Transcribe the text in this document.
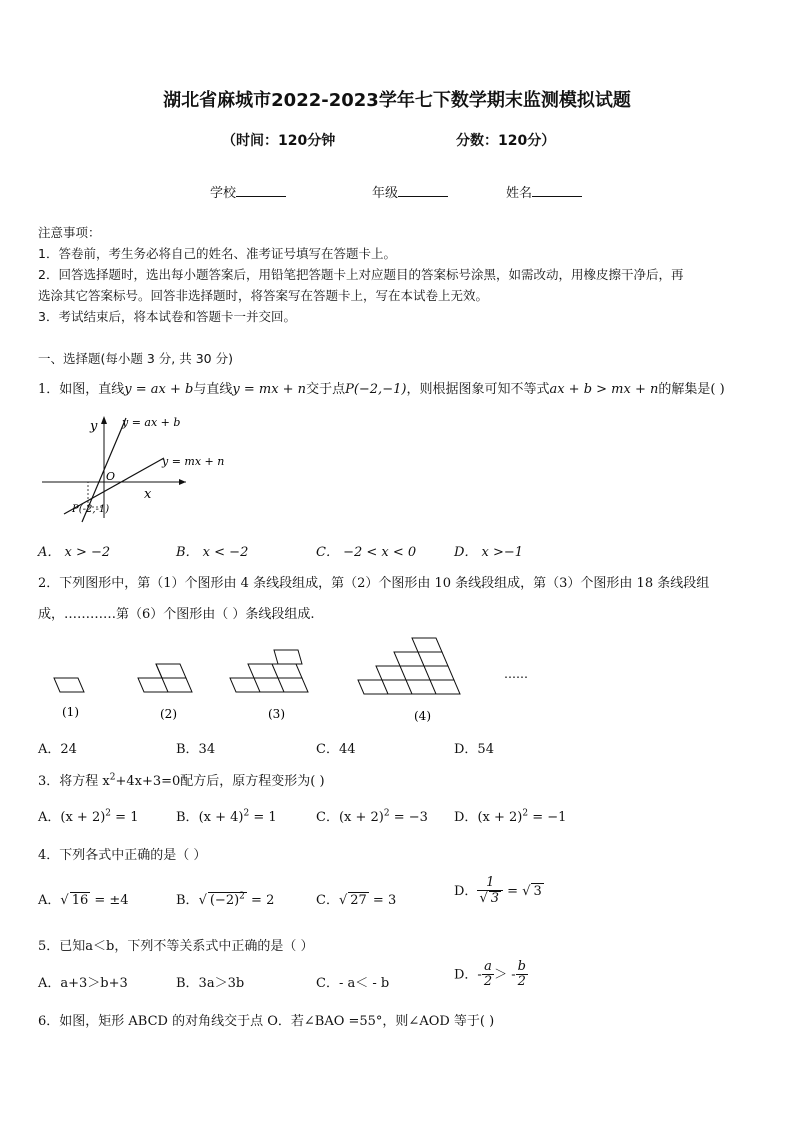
湖北省麻城市2022-2023学年七下数学期末监测模拟试题
（时间：120分钟	分数：120分）
学校	年级	姓名
注意事项：
1．答卷前，考生务必将自己的姓名、准考证号填写在答题卡上。
2．回答选择题时，选出每小题答案后，用铅笔把答题卡上对应题目的答案标号涂黑，如需改动，用橡皮擦干净后，再
选涂其它答案标号。回答非选择题时，将答案写在答题卡上，写在本试卷上无效。
3．考试结束后，将本试卷和答题卡一并交回。
一、选择题(每小题 3 分, 共 30 分)
1．如图，直线y = ax + b与直线y = mx + n交于点P(−2,−1)，则根据图象可知不等式ax + b > mx + n的解集是( )
y
x
O
y = ax + b
y = mx + n
P(-2,-1)
A． x > −2	B． x < −2	C． −2 < x < 0	D． x >−1
2．下列图形中，第（1）个图形由 4 条线段组成，第（2）个图形由 10 条线段组成，第（3）个图形由 18 条线段组
成，…………第（6）个图形由（ ）条线段组成.
(1)	(2)	(3)	(4)
……
A．24	B．34	C．44	D．54
3．将方程 $x^2+4x+3=0$配方后，原方程变形为( )
A．$(x + 2)^2 = 1$	B．$(x + 4)^2 = 1$	C．$(x + 2)^2 = -3$ D．$(x + 2)^2 = -1$
4．下列各式中正确的是（ ）
A．√ 16 = ±4	B．√ $(-2)^2 = 2$	C．√ 27 = 3
D． $\frac{1}{√ 3}$ = √ 3
5．已知a＜b，下列不等关系式中正确的是（ ）
A．a+3＞b+3	B．3a＞3b	C．- a＜ - b
D．- $\frac{a}{2}$ ＞ - $\frac{b}{2}$
6．如图，矩形 ABCD 的对角线交于点 O．若∠BAO =55°，则∠AOD 等于( )
